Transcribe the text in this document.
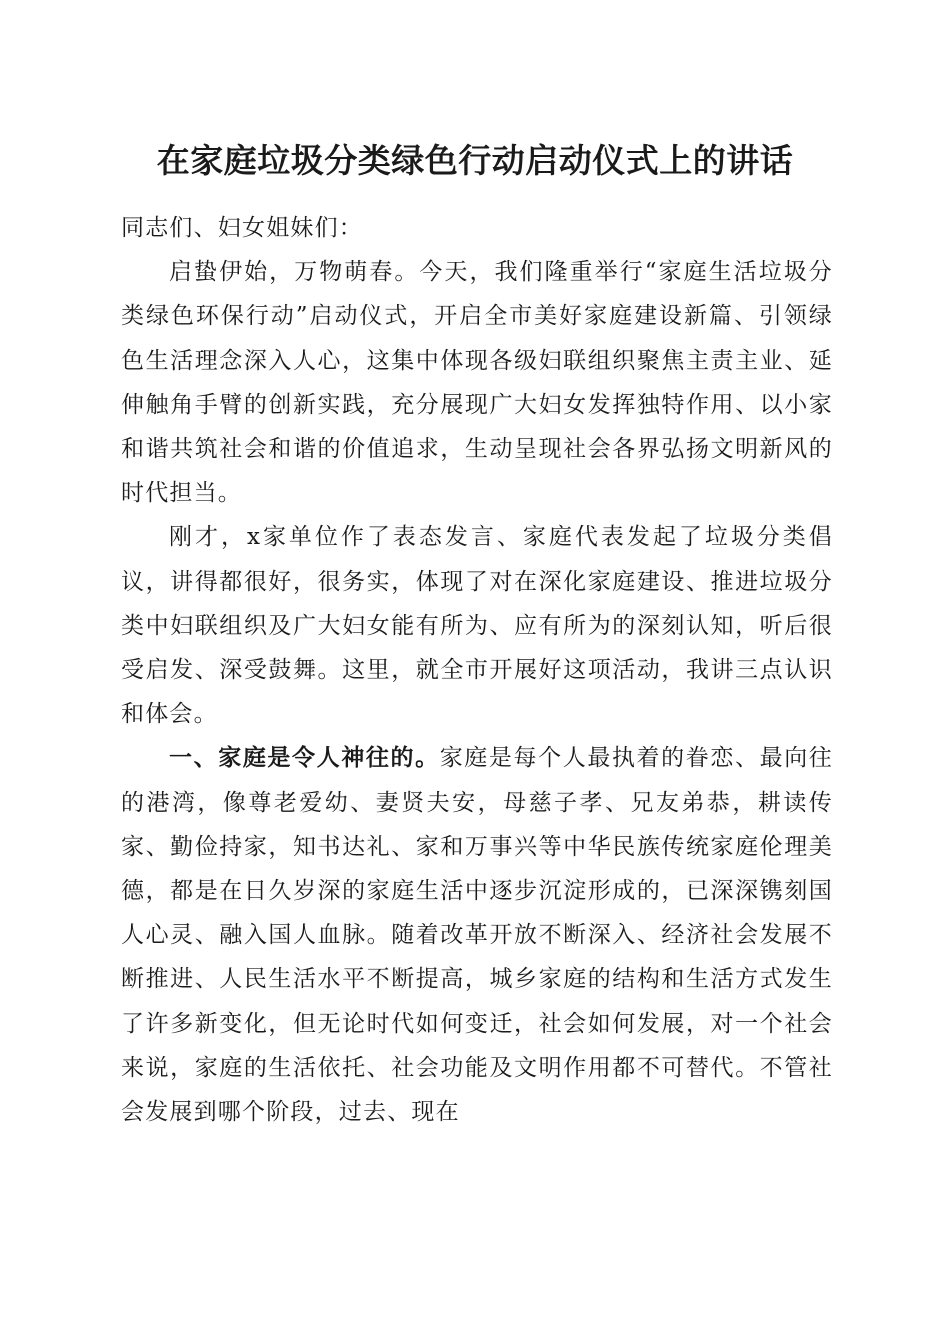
在家庭垃圾分类绿色行动启动仪式上的讲话

同志们、妇女姐妹们：

启蛰伊始，万物萌春。今天，我们隆重举行“家庭生活垃圾分类绿色环保行动”启动仪式，开启全市美好家庭建设新篇、引领绿色生活理念深入人心，这集中体现各级妇联组织聚焦主责主业、延伸触角手臂的创新实践，充分展现广大妇女发挥独特作用、以小家和谐共筑社会和谐的价值追求，生动呈现社会各界弘扬文明新风的时代担当。

刚才，x家单位作了表态发言、家庭代表发起了垃圾分类倡议，讲得都很好，很务实，体现了对在深化家庭建设、推进垃圾分类中妇联组织及广大妇女能有所为、应有所为的深刻认知，听后很受启发、深受鼓舞。这里，就全市开展好这项活动，我讲三点认识和体会。

一、家庭是令人神往的。家庭是每个人最执着的眷恋、最向往的港湾，像尊老爱幼、妻贤夫安，母慈子孝、兄友弟恭，耕读传家、勤俭持家，知书达礼、家和万事兴等中华民族传统家庭伦理美德，都是在日久岁深的家庭生活中逐步沉淀形成的，已深深镌刻国人心灵、融入国人血脉。随着改革开放不断深入、经济社会发展不断推进、人民生活水平不断提高，城乡家庭的结构和生活方式发生了许多新变化，但无论时代如何变迁，社会如何发展，对一个社会来说，家庭的生活依托、社会功能及文明作用都不可替代。不管社会发展到哪个阶段，过去、现在
